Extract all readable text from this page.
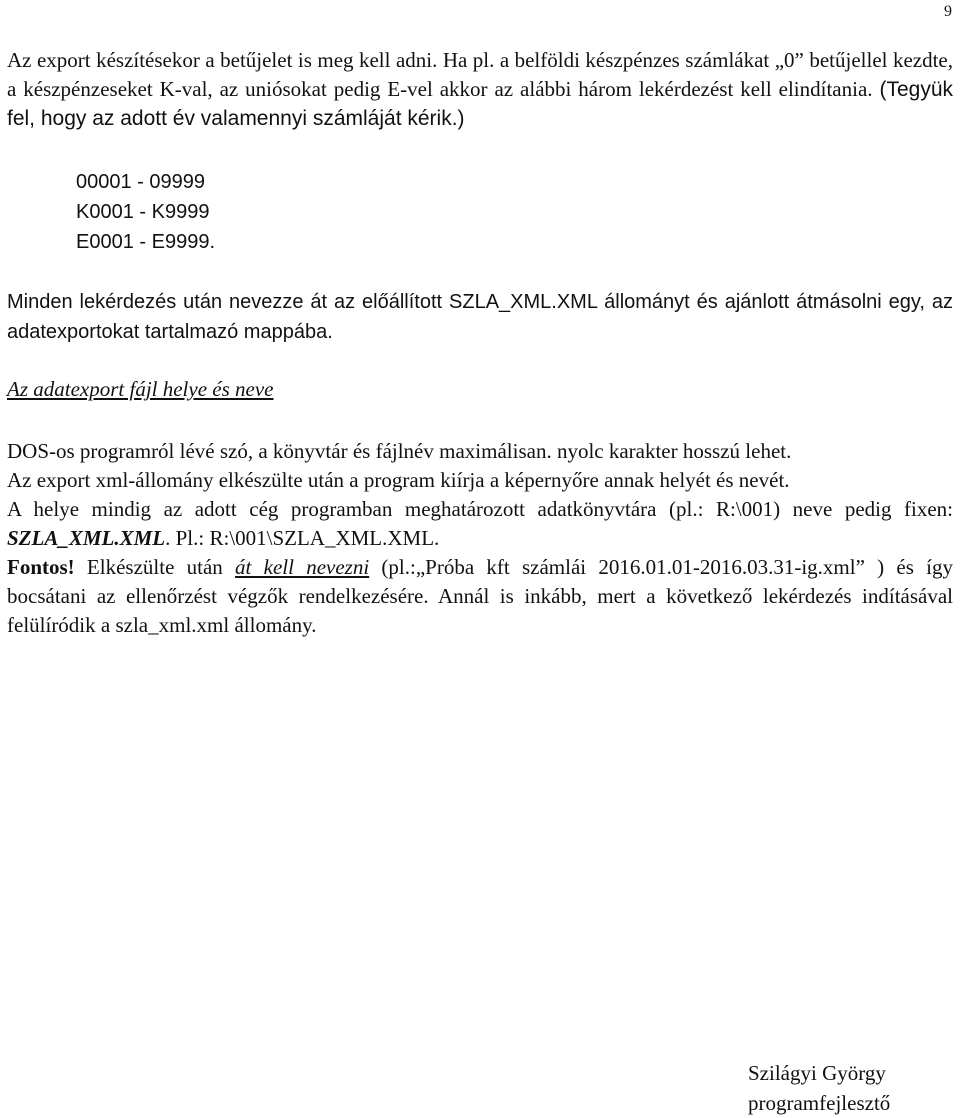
9

Az export készítésekor a betűjelet is meg kell adni. Ha pl. a belföldi készpénzes számlákat „0” betűjellel kezdte, a készpénzeseket K-val, az uniósokat pedig E-vel akkor az alábbi három lekérdezést kell elindítania. (Tegyük fel, hogy az adott év valamennyi számláját kérik.)

00001 - 09999
K0001 - K9999
E0001 - E9999.

Minden lekérdezés után nevezze át az előállított SZLA_XML.XML állományt és ajánlott átmásolni egy, az adatexportokat tartalmazó mappába.

Az adatexport fájl helye és neve
DOS-os programról lévé szó, a könyvtár és fájlnév maximálisan. nyolc karakter hosszú lehet.
Az export xml-állomány elkészülte után a program kiírja a képernyőre annak helyét és nevét.
A helye mindig az adott cég programban meghatározott adatkönyvtára (pl.: R:\001) neve pedig fixen: SZLA_XML.XML. Pl.: R:\001\SZLA_XML.XML.
Fontos! Elkészülte után át kell nevezni (pl.:„Próba kft számlái 2016.01.01-2016.03.31-ig.xml” ) és így bocsátani az ellenőrzést végzők rendelkezésére. Annál is inkább, mert a következő lekérdezés indításával felülíródik a szla_xml.xml állomány.
Szilágyi György
programfejlesztő
